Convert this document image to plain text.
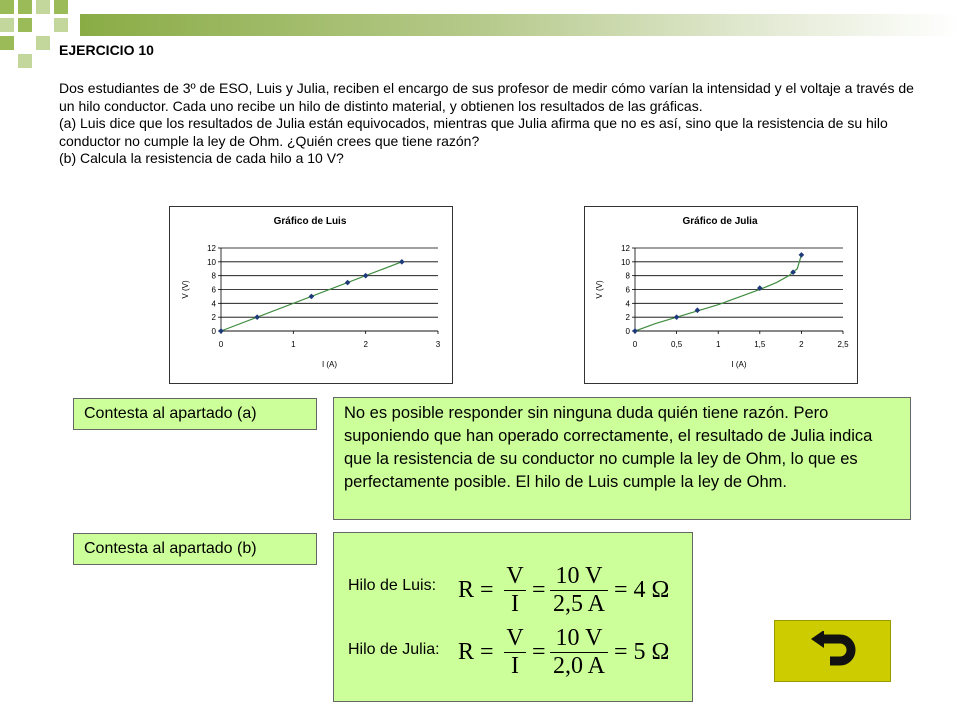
EJERCICIO 10

Dos estudiantes de 3º de ESO, Luis y Julia, reciben el encargo de sus profesor de medir cómo varían la intensidad y el voltaje a través de un hilo conductor. Cada uno recibe un hilo de distinto material, y obtienen los resultados de las gráficas.

(a) Luis dice que los resultados de Julia están equivocados, mientras que Julia afirma que no es así, sino que la resistencia de su hilo conductor no cumple la ley de Ohm. ¿Quién crees que tiene razón?

(b) Calcula la resistencia de cada hilo a 10 V?

Gráfico de Luis
0
2
4
6
8
10
12
0	1	2	3
I (A)
V (V)
Gráfico de Julia
0
2
4
6
8
10
12
0	0,5	1	1,5	2	2,5
I (A)
V (V)
Contesta al apartado (a)	No es posible responder sin ninguna duda quién tiene razón. Pero suponiendo que han operado correctamente, el resultado de Julia indica que la resistencia de su conductor no cumple la ley de Ohm, lo que es perfectamente posible. El hilo de Luis cumple la ley de Ohm.
Contesta al apartado (b)
Hilo de Luis: R =
V
I
=
10 V
2,5 A
= 4 Ω
Hilo de Julia: R =
V
I
=
10 V
2,0 A
= 5 Ω
